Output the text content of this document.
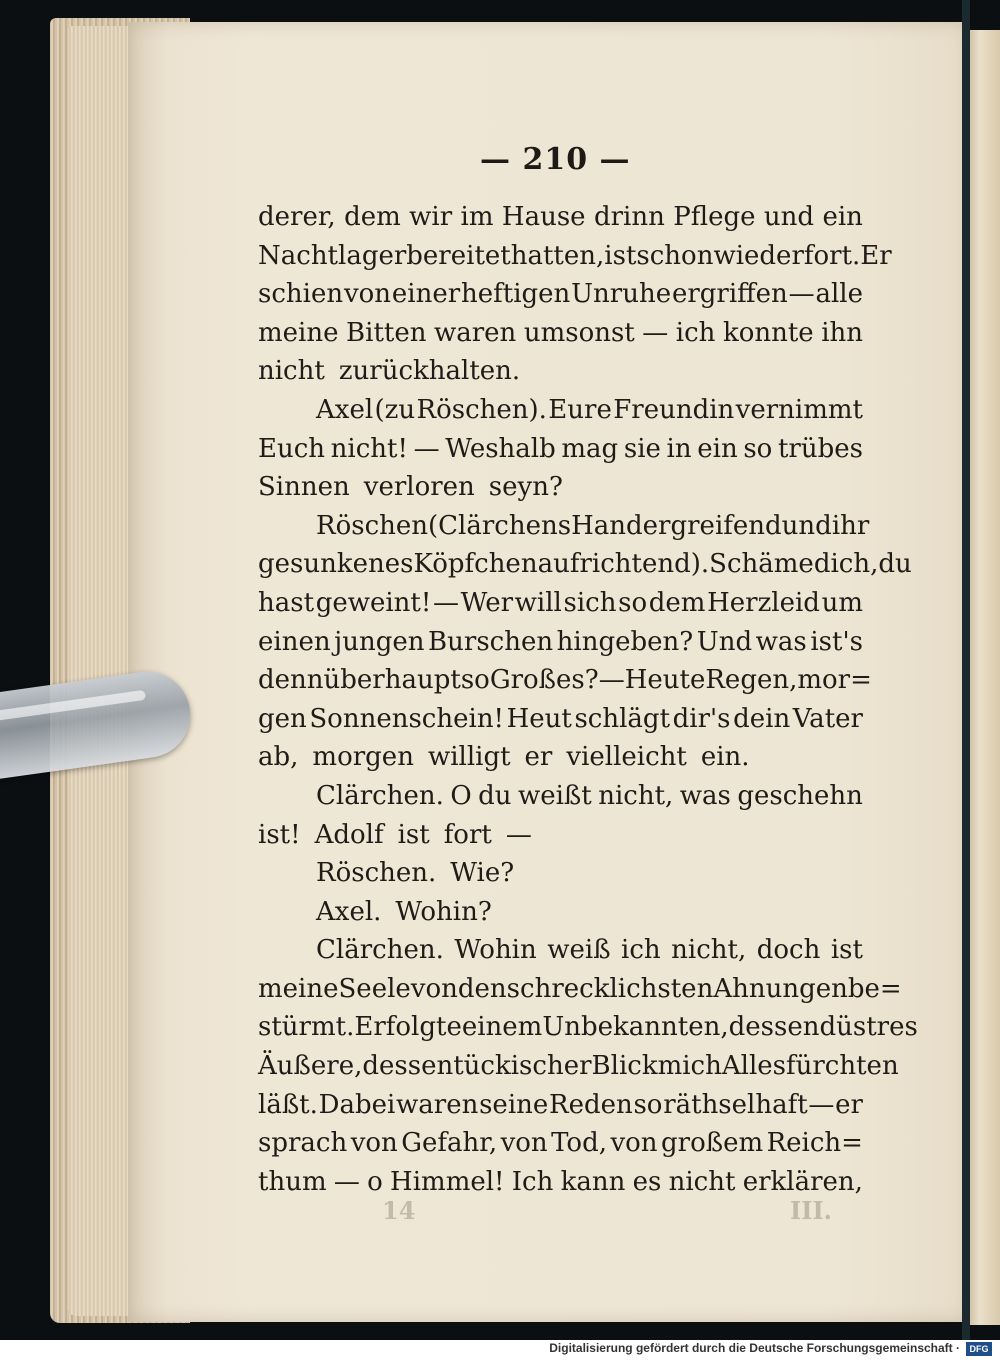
— 210 —
derer, dem wir im Hause drinn Pflege und ein
Nachtlager bereitet hatten, ist schon wieder fort. Er
schien von einer heftigen Unruhe ergriffen — alle
meine Bitten waren umsonst — ich konnte ihn
nicht zurückhalten.
Axel (zu Röschen). Eure Freundin vernimmt
Euch nicht! — Weshalb mag sie in ein so trübes
Sinnen verloren seyn?
Röschen (Clärchens Hand ergreifend und ihr
gesunkenes Köpfchen aufrichtend). Schäme dich, du
hast geweint! — Wer will sich so dem Herzleid um
einen jungen Burschen hingeben? Und was ist's
denn überhaupt so Großes? — Heute Regen, mor=
gen Sonnenschein! Heut schlägt dir's dein Vater
ab, morgen willigt er vielleicht ein.
Clärchen. O du weißt nicht, was geschehn
ist! Adolf ist fort —
Röschen. Wie?
Axel. Wohin?
Clärchen. Wohin weiß ich nicht, doch ist
meine Seele von den schrecklichsten Ahnungen be=
stürmt. Er folgte einem Unbekannten, dessen düstres
Äußere, dessen tückischer Blick mich Alles fürchten
läßt. Dabei waren seine Reden so räthselhaft — er
sprach von Gefahr, von Tod, von großem Reich=
thum — o Himmel! Ich kann es nicht erklären,
14	III.
Digitalisierung gefördert durch die Deutsche Forschungsgemeinschaft ·	DFG
